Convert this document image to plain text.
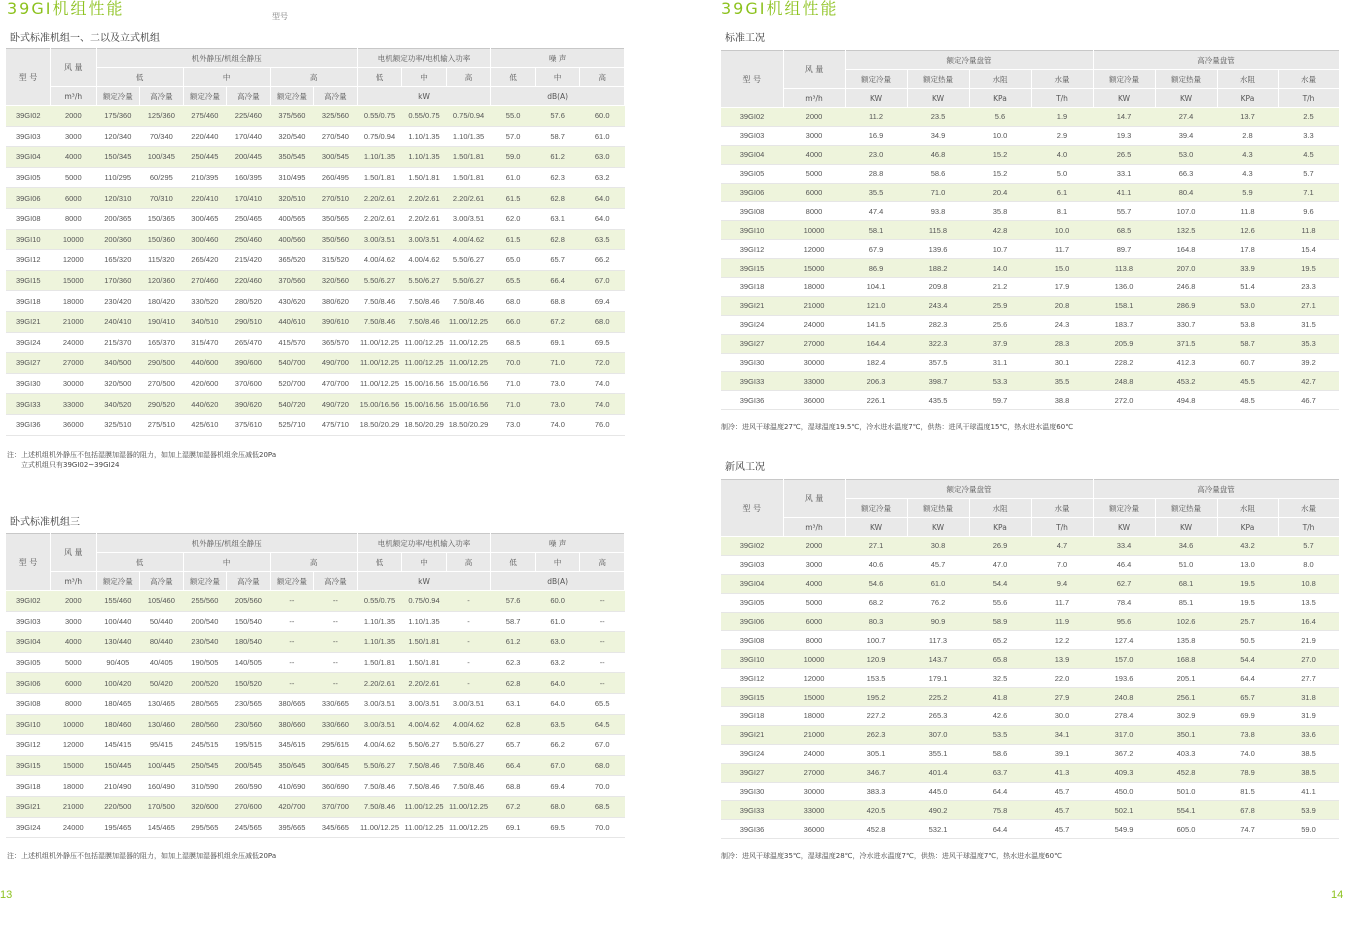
39GI机组性能	型号
卧式标准机组一、二以及立式机组
型 号	风 量	机外静压/机组全静压						电机额定功率/电机输入功率			噪 声		
		低		中		高		低	中	高	低	中	高
	m³/h	额定冷量	高冷量	额定冷量	高冷量	额定冷量	高冷量	kW			dB(A)		
39GI02	2000	175/360	125/360	275/460	225/460	375/560	325/560	0.55/0.75	0.55/0.75	0.75/0.94	55.0	57.6	60.0
39GI03	3000	120/340	70/340	220/440	170/440	320/540	270/540	0.75/0.94	1.10/1.35	1.10/1.35	57.0	58.7	61.0
39GI04	4000	150/345	100/345	250/445	200/445	350/545	300/545	1.10/1.35	1.10/1.35	1.50/1.81	59.0	61.2	63.0
39GI05	5000	110/295	60/295	210/395	160/395	310/495	260/495	1.50/1.81	1.50/1.81	1.50/1.81	61.0	62.3	63.2
39GI06	6000	120/310	70/310	220/410	170/410	320/510	270/510	2.20/2.61	2.20/2.61	2.20/2.61	61.5	62.8	64.0
39GI08	8000	200/365	150/365	300/465	250/465	400/565	350/565	2.20/2.61	2.20/2.61	3.00/3.51	62.0	63.1	64.0
39GI10	10000	200/360	150/360	300/460	250/460	400/560	350/560	3.00/3.51	3.00/3.51	4.00/4.62	61.5	62.8	63.5
39GI12	12000	165/320	115/320	265/420	215/420	365/520	315/520	4.00/4.62	4.00/4.62	5.50/6.27	65.0	65.7	66.2
39GI15	15000	170/360	120/360	270/460	220/460	370/560	320/560	5.50/6.27	5.50/6.27	5.50/6.27	65.5	66.4	67.0
39GI18	18000	230/420	180/420	330/520	280/520	430/620	380/620	7.50/8.46	7.50/8.46	7.50/8.46	68.0	68.8	69.4
39GI21	21000	240/410	190/410	340/510	290/510	440/610	390/610	7.50/8.46	7.50/8.46	11.00/12.25	66.0	67.2	68.0
39GI24	24000	215/370	165/370	315/470	265/470	415/570	365/570	11.00/12.25	11.00/12.25	11.00/12.25	68.5	69.1	69.5
39GI27	27000	340/500	290/500	440/600	390/600	540/700	490/700	11.00/12.25	11.00/12.25	11.00/12.25	70.0	71.0	72.0
39GI30	30000	320/500	270/500	420/600	370/600	520/700	470/700	11.00/12.25	15.00/16.56	15.00/16.56	71.0	73.0	74.0
39GI33	33000	340/520	290/520	440/620	390/620	540/720	490/720	15.00/16.56	15.00/16.56	15.00/16.56	71.0	73.0	74.0
39GI36	36000	325/510	275/510	425/610	375/610	525/710	475/710	18.50/20.29	18.50/20.29	18.50/20.29	73.0	74.0	76.0
注：上述机组机外静压不包括湿膜加湿器的阻力，如加上湿膜加湿器机组余压减低20Pa
立式机组只有39GI02~39GI24
卧式标准机组三
型 号	风 量	机外静压/机组全静压						电机额定功率/电机输入功率			噪 声		
		低		中		高		低	中	高	低	中	高
	m³/h	额定冷量	高冷量	额定冷量	高冷量	额定冷量	高冷量	kW			dB(A)		
39GI02	2000	155/460	105/460	255/560	205/560	--	--	0.55/0.75	0.75/0.94	-	57.6	60.0	--
39GI03	3000	100/440	50/440	200/540	150/540	--	--	1.10/1.35	1.10/1.35	-	58.7	61.0	--
39GI04	4000	130/440	80/440	230/540	180/540	--	--	1.10/1.35	1.50/1.81	-	61.2	63.0	--
39GI05	5000	90/405	40/405	190/505	140/505	--	--	1.50/1.81	1.50/1.81	-	62.3	63.2	--
39GI06	6000	100/420	50/420	200/520	150/520	--	--	2.20/2.61	2.20/2.61	-	62.8	64.0	--
39GI08	8000	180/465	130/465	280/565	230/565	380/665	330/665	3.00/3.51	3.00/3.51	3.00/3.51	63.1	64.0	65.5
39GI10	10000	180/460	130/460	280/560	230/560	380/660	330/660	3.00/3.51	4.00/4.62	4.00/4.62	62.8	63.5	64.5
39GI12	12000	145/415	95/415	245/515	195/515	345/615	295/615	4.00/4.62	5.50/6.27	5.50/6.27	65.7	66.2	67.0
39GI15	15000	150/445	100/445	250/545	200/545	350/645	300/645	5.50/6.27	7.50/8.46	7.50/8.46	66.4	67.0	68.0
39GI18	18000	210/490	160/490	310/590	260/590	410/690	360/690	7.50/8.46	7.50/8.46	7.50/8.46	68.8	69.4	70.0
39GI21	21000	220/500	170/500	320/600	270/600	420/700	370/700	7.50/8.46	11.00/12.25	11.00/12.25	67.2	68.0	68.5
39GI24	24000	195/465	145/465	295/565	245/565	395/665	345/665	11.00/12.25	11.00/12.25	11.00/12.25	69.1	69.5	70.0
注：上述机组机外静压不包括湿膜加湿器的阻力，如加上湿膜加湿器机组余压减低20Pa
13
39GI机组性能
标准工况
型 号	风 量	额定冷量盘管				高冷量盘管			
		额定冷量	额定热量	水阻	水量	额定冷量	额定热量	水阻	水量
	m³/h	KW	KW	KPa	T/h	KW	KW	KPa	T/h
39GI02	2000	11.2	23.5	5.6	1.9	14.7	27.4	13.7	2.5
39GI03	3000	16.9	34.9	10.0	2.9	19.3	39.4	2.8	3.3
39GI04	4000	23.0	46.8	15.2	4.0	26.5	53.0	4.3	4.5
39GI05	5000	28.8	58.6	15.2	5.0	33.1	66.3	4.3	5.7
39GI06	6000	35.5	71.0	20.4	6.1	41.1	80.4	5.9	7.1
39GI08	8000	47.4	93.8	35.8	8.1	55.7	107.0	11.8	9.6
39GI10	10000	58.1	115.8	42.8	10.0	68.5	132.5	12.6	11.8
39GI12	12000	67.9	139.6	10.7	11.7	89.7	164.8	17.8	15.4
39GI15	15000	86.9	188.2	14.0	15.0	113.8	207.0	33.9	19.5
39GI18	18000	104.1	209.8	21.2	17.9	136.0	246.8	51.4	23.3
39GI21	21000	121.0	243.4	25.9	20.8	158.1	286.9	53.0	27.1
39GI24	24000	141.5	282.3	25.6	24.3	183.7	330.7	53.8	31.5
39GI27	27000	164.4	322.3	37.9	28.3	205.9	371.5	58.7	35.3
39GI30	30000	182.4	357.5	31.1	30.1	228.2	412.3	60.7	39.2
39GI33	33000	206.3	398.7	53.3	35.5	248.8	453.2	45.5	42.7
39GI36	36000	226.1	435.5	59.7	38.8	272.0	494.8	48.5	46.7
制冷：进风干球温度27℃，湿球温度19.5℃，冷水进水温度7℃，供热：进风干球温度15℃，热水进水温度60℃
新风工况
型 号	风 量	额定冷量盘管				高冷量盘管			
		额定冷量	额定热量	水阻	水量	额定冷量	额定热量	水阻	水量
	m³/h	KW	KW	KPa	T/h	KW	KW	KPa	T/h
39GI02	2000	27.1	30.8	26.9	4.7	33.4	34.6	43.2	5.7
39GI03	3000	40.6	45.7	47.0	7.0	46.4	51.0	13.0	8.0
39GI04	4000	54.6	61.0	54.4	9.4	62.7	68.1	19.5	10.8
39GI05	5000	68.2	76.2	55.6	11.7	78.4	85.1	19.5	13.5
39GI06	6000	80.3	90.9	58.9	11.9	95.6	102.6	25.7	16.4
39GI08	8000	100.7	117.3	65.2	12.2	127.4	135.8	50.5	21.9
39GI10	10000	120.9	143.7	65.8	13.9	157.0	168.8	54.4	27.0
39GI12	12000	153.5	179.1	32.5	22.0	193.6	205.1	64.4	27.7
39GI15	15000	195.2	225.2	41.8	27.9	240.8	256.1	65.7	31.8
39GI18	18000	227.2	265.3	42.6	30.0	278.4	302.9	69.9	31.9
39GI21	21000	262.3	307.0	53.5	34.1	317.0	350.1	73.8	33.6
39GI24	24000	305.1	355.1	58.6	39.1	367.2	403.3	74.0	38.5
39GI27	27000	346.7	401.4	63.7	41.3	409.3	452.8	78.9	38.5
39GI30	30000	383.3	445.0	64.4	45.7	450.0	501.0	81.5	41.1
39GI33	33000	420.5	490.2	75.8	45.7	502.1	554.1	67.8	53.9
39GI36	36000	452.8	532.1	64.4	45.7	549.9	605.0	74.7	59.0
制冷：进风干球温度35℃，湿球温度28℃，冷水进水温度7℃，供热：进风干球温度7℃，热水进水温度60℃
14
